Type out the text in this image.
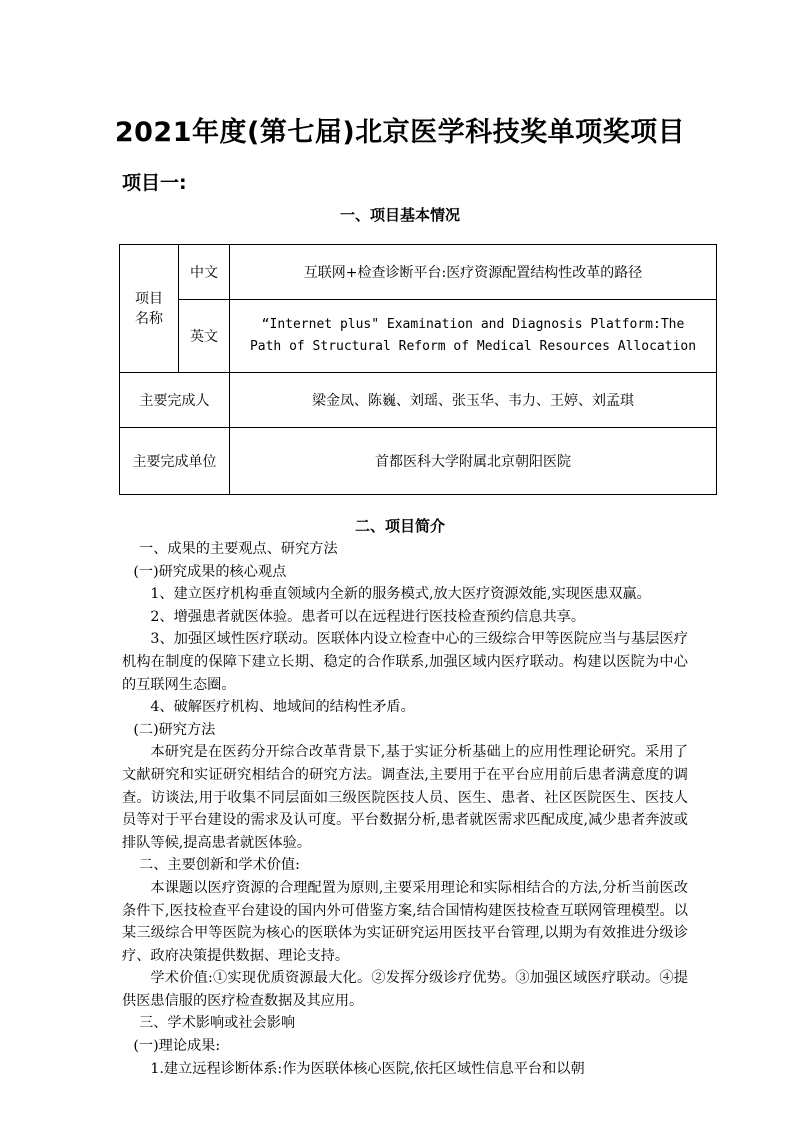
2021年度(第七届)北京医学科技奖单项奖项目
项目一:
一、项目基本情况
项目名称	中文	互联网+检查诊断平台:医疗资源配置结构性改革的路径
	英文	“Internet plus" Examination and Diagnosis Platform:The
Path of Structural Reform of Medical Resources Allocation

主要完成人		梁金凤、陈巍、刘瑶、张玉华、韦力、王婷、刘孟琪
主要完成单位		首都医科大学附属北京朝阳医院
二、项目简介

一、成果的主要观点、研究方法

(一)研究成果的核心观点

1、建立医疗机构垂直领域内全新的服务模式,放大医疗资源效能,实现医患双赢。

2、增强患者就医体验。患者可以在远程进行医技检查预约信息共享。

3、加强区域性医疗联动。医联体内设立检查中心的三级综合甲等医院应当与基层医疗机构在制度的保障下建立长期、稳定的合作联系,加强区域内医疗联动。构建以医院为中心的互联网生态圈。

4、破解医疗机构、地域间的结构性矛盾。

(二)研究方法

本研究是在医药分开综合改革背景下,基于实证分析基础上的应用性理论研究。采用了文献研究和实证研究相结合的研究方法。调查法,主要用于在平台应用前后患者满意度的调查。访谈法,用于收集不同层面如三级医院医技人员、医生、患者、社区医院医生、医技人员等对于平台建设的需求及认可度。平台数据分析,患者就医需求匹配成度,减少患者奔波或排队等候,提高患者就医体验。

二、主要创新和学术价值:

本课题以医疗资源的合理配置为原则,主要采用理论和实际相结合的方法,分析当前医改条件下,医技检查平台建设的国内外可借鉴方案,结合国情构建医技检查互联网管理模型。以某三级综合甲等医院为核心的医联体为实证研究运用医技平台管理,以期为有效推进分级诊疗、政府决策提供数据、理论支持。

学术价值:①实现优质资源最大化。②发挥分级诊疗优势。③加强区域医疗联动。④提供医患信服的医疗检查数据及其应用。

三、学术影响或社会影响

(一)理论成果:

1.建立远程诊断体系:作为医联体核心医院,依托区域性信息平台和以朝
